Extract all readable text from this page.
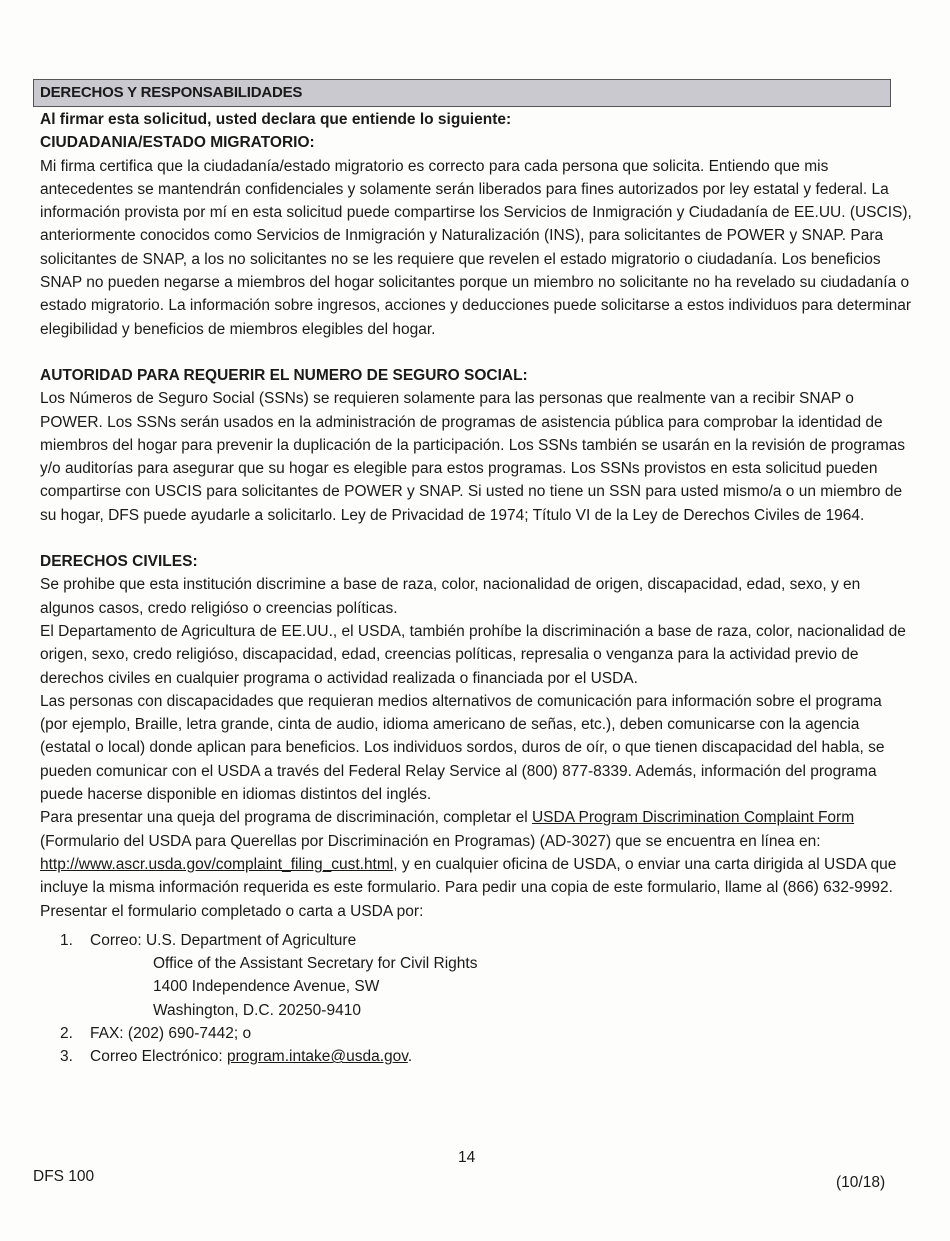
DERECHOS Y RESPONSABILIDADES

Al firmar esta solicitud, usted declara que entiende lo siguiente:

CIUDADANIA/ESTADO MIGRATORIO:

Mi firma certifica que la ciudadanía/estado migratorio es correcto para cada persona que solicita. Entiendo que mis antecedentes se mantendrán confidenciales y solamente serán liberados para fines autorizados por ley estatal y federal. La información provista por mí en esta solicitud puede compartirse los Servicios de Inmigración y Ciudadanía de EE.UU. (USCIS), anteriormente conocidos como Servicios de Inmigración y Naturalización (INS), para solicitantes de POWER y SNAP. Para solicitantes de SNAP, a los no solicitantes no se les requiere que revelen el estado migratorio o ciudadanía. Los beneficios SNAP no pueden negarse a miembros del hogar solicitantes porque un miembro no solicitante no ha revelado su ciudadanía o estado migratorio. La información sobre ingresos, acciones y deducciones puede solicitarse a estos individuos para determinar elegibilidad y beneficios de miembros elegibles del hogar.

AUTORIDAD PARA REQUERIR EL NUMERO DE SEGURO SOCIAL:

Los Números de Seguro Social (SSNs) se requieren solamente para las personas que realmente van a recibir SNAP o POWER. Los SSNs serán usados en la administración de programas de asistencia pública para comprobar la identidad de miembros del hogar para prevenir la duplicación de la participación. Los SSNs también se usarán en la revisión de programas y/o auditorías para asegurar que su hogar es elegible para estos programas. Los SSNs provistos en esta solicitud pueden compartirse con USCIS para solicitantes de POWER y SNAP. Si usted no tiene un SSN para usted mismo/a o un miembro de su hogar, DFS puede ayudarle a solicitarlo. Ley de Privacidad de 1974; Título VI de la Ley de Derechos Civiles de 1964.

DERECHOS CIVILES:

Se prohibe que esta institución discrimine a base de raza, color, nacionalidad de origen, discapacidad, edad, sexo, y en algunos casos, credo religióso o creencias políticas.

El Departamento de Agricultura de EE.UU., el USDA, también prohíbe la discriminación a base de raza, color, nacionalidad de origen, sexo, credo religióso, discapacidad, edad, creencias políticas, represalia o venganza para la actividad previo de derechos civiles en cualquier programa o actividad realizada o financiada por el USDA.

Las personas con discapacidades que requieran medios alternativos de comunicación para información sobre el programa (por ejemplo, Braille, letra grande, cinta de audio, idioma americano de señas, etc.), deben comunicarse con la agencia (estatal o local) donde aplican para beneficios. Los individuos sordos, duros de oír, o que tienen discapacidad del habla, se pueden comunicar con el USDA a través del Federal Relay Service al (800) 877-8339. Además, información del programa puede hacerse disponible en idiomas distintos del inglés.

Para presentar una queja del programa de discriminación, completar el USDA Program Discrimination Complaint Form (Formulario del USDA para Querellas por Discriminación en Programas) (AD-3027) que se encuentra en línea en: http://www.ascr.usda.gov/complaint_filing_cust.html, y en cualquier oficina de USDA, o enviar una carta dirigida al USDA que incluye la misma información requerida es este formulario. Para pedir una copia de este formulario, llame al (866) 632-9992. Presentar el formulario completado o carta a USDA por:

1. Correo: U.S. Department of Agriculture

Office of the Assistant Secretary for Civil Rights

1400 Independence Avenue, SW

Washington, D.C. 20250-9410

2. FAX: (202) 690-7442; o
3. Correo Electrónico: program.intake@usda.gov.
14
DFS 100	(10/18)
